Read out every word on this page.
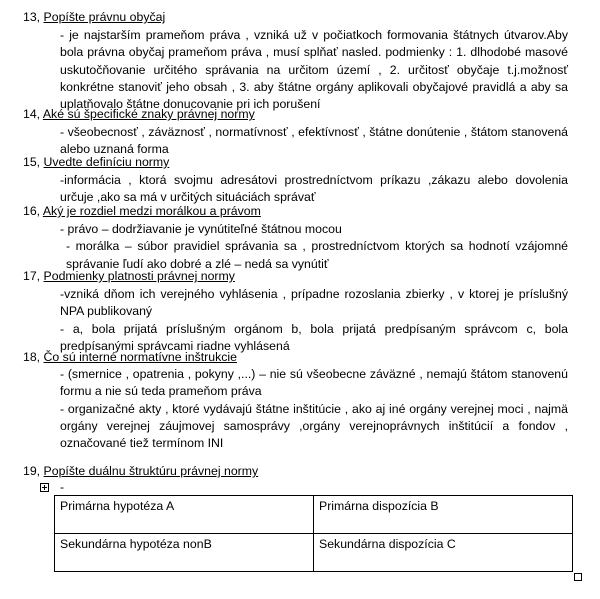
13, Popíšte právnu obyčaj
- je najstarším prameňom práva , vzniká už v počiatkoch formovania štátnych útvarov.Aby bola právna obyčaj prameňom práva , musí splňať nasled. podmienky : 1. dlhodobé masové uskutočňovanie určitého správania na určitom území , 2. určitosť obyčaje t.j.možnosť konkrétne stanoviť jeho obsah , 3. aby štátne orgány aplikovali obyčajové pravidlá a aby sa uplatňovalo štátne donucovanie pri ich porušení
14, Aké sú špecifické znaky právnej normy
- všeobecnosť , záväznosť , normatívnosť , efektívnosť , štátne donútenie , štátom stanovená alebo uznaná forma
15, Uvedte definíciu normy
-informácia , ktorá svojmu adresátovi prostredníctvom príkazu ,zákazu alebo dovolenia určuje ,ako sa má v určitých situáciách správať
16, Aký je rozdiel medzi morálkou a právom
- právo – dodržiavanie je vynútiteľné štátnou mocou
- morálka – súbor pravidiel správania sa , prostredníctvom ktorých sa hodnotí vzájomné správanie ľudí ako dobré a zlé – nedá sa vynútiť
17, Podmienky platnosti právnej normy
-vzniká dňom ich verejného vyhlásenia , prípadne rozoslania zbierky , v ktorej je príslušný NPA publikovaný
- a, bola prijatá príslušným orgánom b, bola prijatá predpísaným správcom c, bola predpísanými správcami riadne vyhlásená
18, Čo sú interné normatívne inštrukcie
- (smernice , opatrenia , pokyny ,...) – nie sú všeobecne záväzné , nemajú štátom stanovenú formu a nie sú teda prameňom práva
- organizačné akty , ktoré vydávajú štátne inštitúcie , ako aj iné orgány verejnej moci , najmä orgány verejnej záujmovej samosprávy ,orgány verejnoprávnych inštitúcií a fondov , označované tiež termínom INI
19, Popíšte duálnu štruktúru právnej normy
-
Primárna hypotéza A	Primárna dispozícia B
Sekundárna hypotéza nonB	Sekundárna dispozícia C
